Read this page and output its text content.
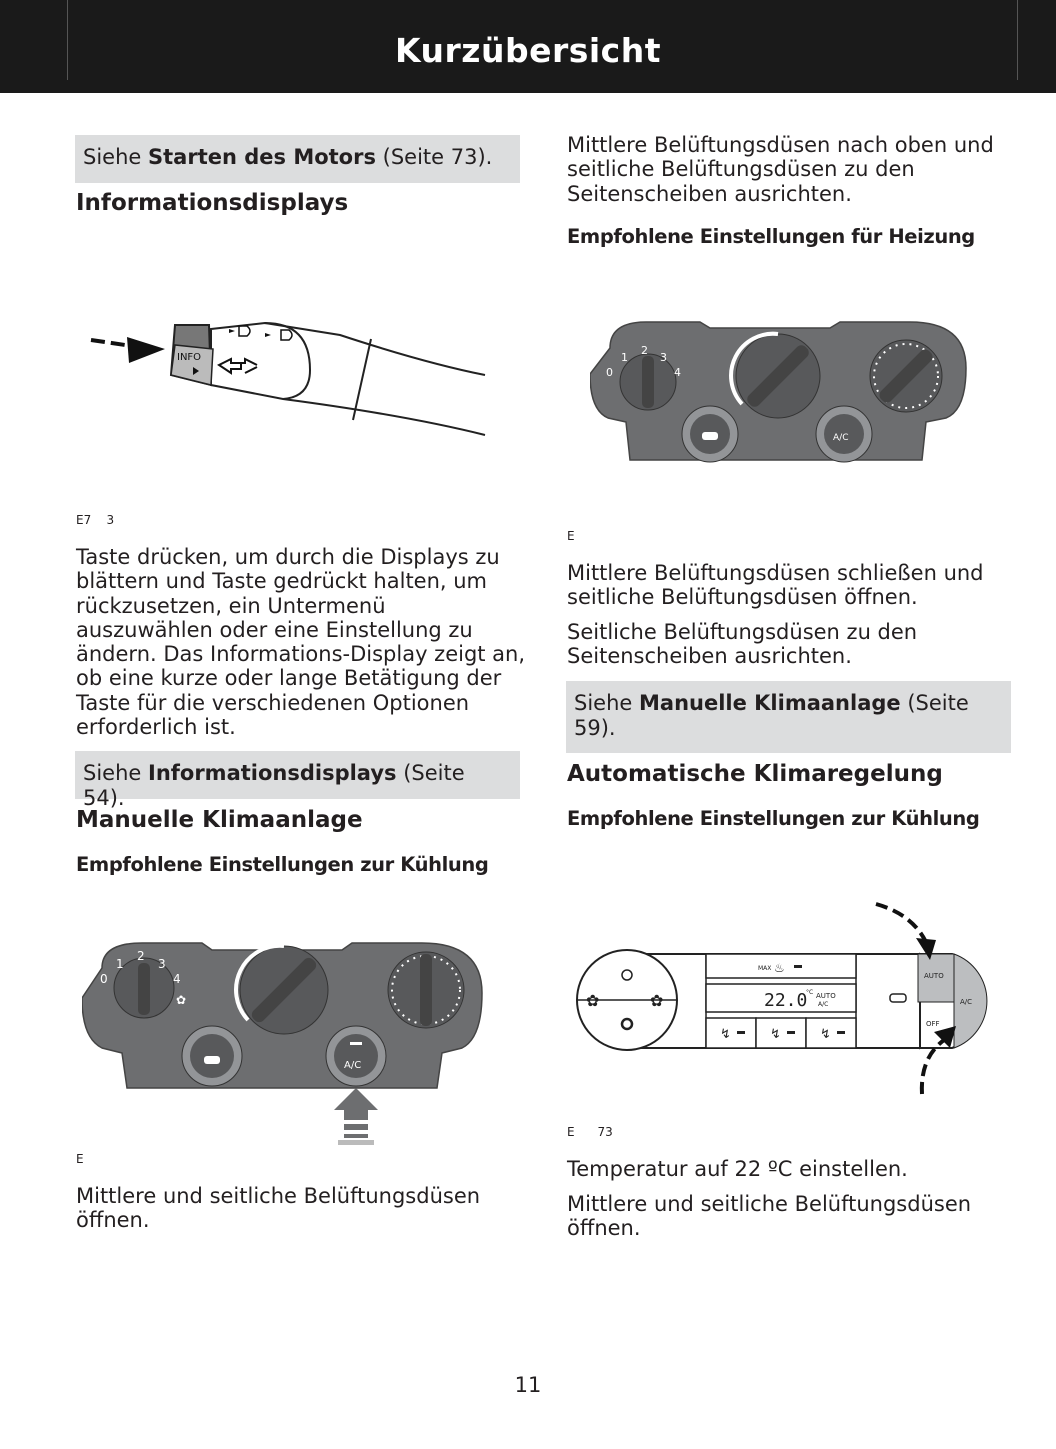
Kurzübersicht
Siehe Starten des Motors (Seite 73).
Informationsdisplays
INFO
E7 3

Taste drücken, um durch die Displays zu blättern und Taste gedrückt halten, um rückzusetzen, ein Untermenü auszuwählen oder eine Einstellung zu ändern. Das Informations-Display zeigt an, ob eine kurze oder lange Betätigung der Taste für die verschiedenen Optionen erforderlich ist.

Siehe Informationsdisplays (Seite 54).
Manuelle Klimaanlage
Empfohlene Einstellungen zur Kühlung
0
1
2
3
4
✿
A/C
E

Mittlere und seitliche Belüftungsdüsen öffnen.

Mittlere Belüftungsdüsen nach oben und seitliche Belüftungsdüsen zu den Seitenscheiben ausrichten.

Empfohlene Einstellungen für Heizung
0
1
2
3
4
A/C
E

Mittlere Belüftungsdüsen schließen und seitliche Belüftungsdüsen öffnen.

Seitliche Belüftungsdüsen zu den Seitenscheiben ausrichten.

Siehe Manuelle Klimaanlage (Seite 59).
Automatische Klimaregelung
Empfohlene Einstellungen zur Kühlung
✿	✿
MAX ♨
22.0
°C AUTO
A/C
↯	↯	↯
AUTO
A/C
OFF
E 73

Temperatur auf 22 ºC einstellen.

Mittlere und seitliche Belüftungsdüsen öffnen.

11
